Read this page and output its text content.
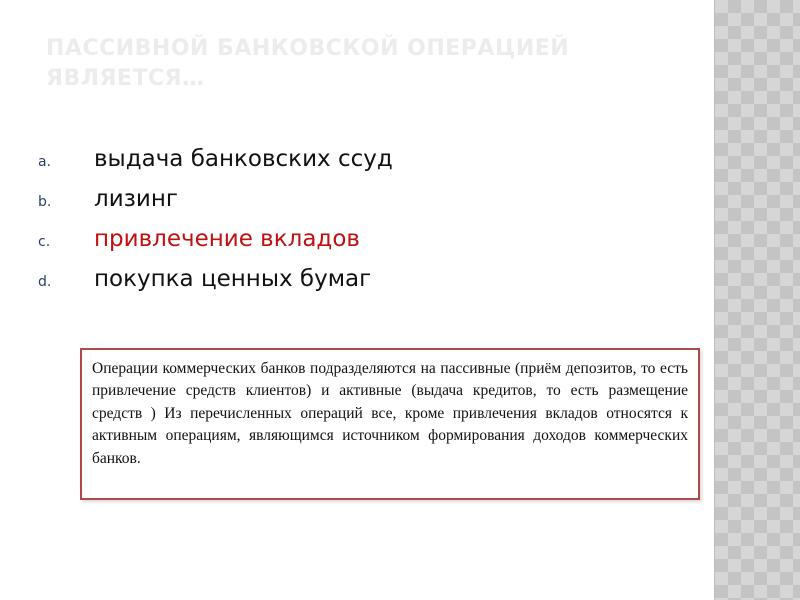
ПАССИВНОЙ БАНКОВСКОЙ ОПЕРАЦИЕЙ ЯВЛЯЕТСЯ…
a.	выдача банковских ссуд
b.	лизинг
c.	привлечение вкладов
d.	покупка ценных бумаг

Операции коммерческих банков подразделяются на пассивные (приём депозитов, то есть привлечение средств клиентов) и активные (выдача кредитов, то есть размещение средств ) Из перечисленных операций все, кроме привлечения вкладов относятся к активным операциям, являющимся источником формирования доходов коммерческих банков.
